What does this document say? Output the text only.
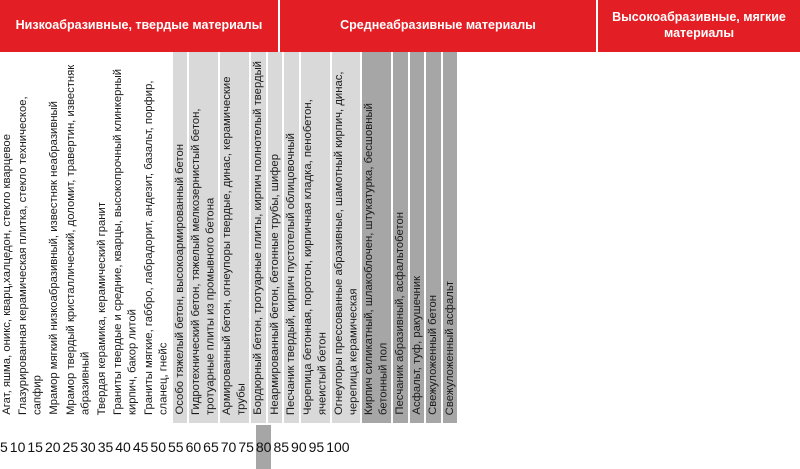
Низкоабразивные, твердые материалы	Среднеабразивные материалы
Высокоабразивные, мягкие материалы
Агат, яшма, оникс, кварц,халцедон, стекло кварцевое Глазурированная керамическая плитка, стекло техническое, сапфир Мрамор мягкий низкоабразивный, известняк неабразивный Мрамор твердый кристаллический, доломит, травертин, известняк абразивный Твердая керамика, керамический гранит Граниты твердые и средние, кварцы, высокопрочный клинкерный кирпич, бакор литой Граниты мягкие, габбро, лабрадорит, андезит, базальт, порфир, сланец, гнейс Особо тяжелый бетон, высокоармированный бетон Гидротехнический бетон, тяжелый мелкозернистый бетон, тротуарные плиты из промывного бетона Армированный бетон, огнеупоры твердые, динас, керамические трубы Бордюрный бетон, тротуарные плиты, кирпич полнотелый твердый Неармированный бетон, бетонные трубы, шифер Песчаник твердый, кирпич пустотелый облицовочный Черепица бетонная, поротон, кирпичная кладка, пенобетон, ячеистый бетон Огнеупоры прессованные абразивные, шамотный кирпич, динас, черепица керамическая Кирпич силикатный, шлакоблочен, штукатурка, бесшовный бетонный пол Песчаник абразивный, асфальтобетон Асфальт, туф, ракушечник Свежуложенный бетон Свежуложенный асфальт
5 10 15 20 25 30 35 40 45 50 55 60 65 70 75 80 85 90 95 100
